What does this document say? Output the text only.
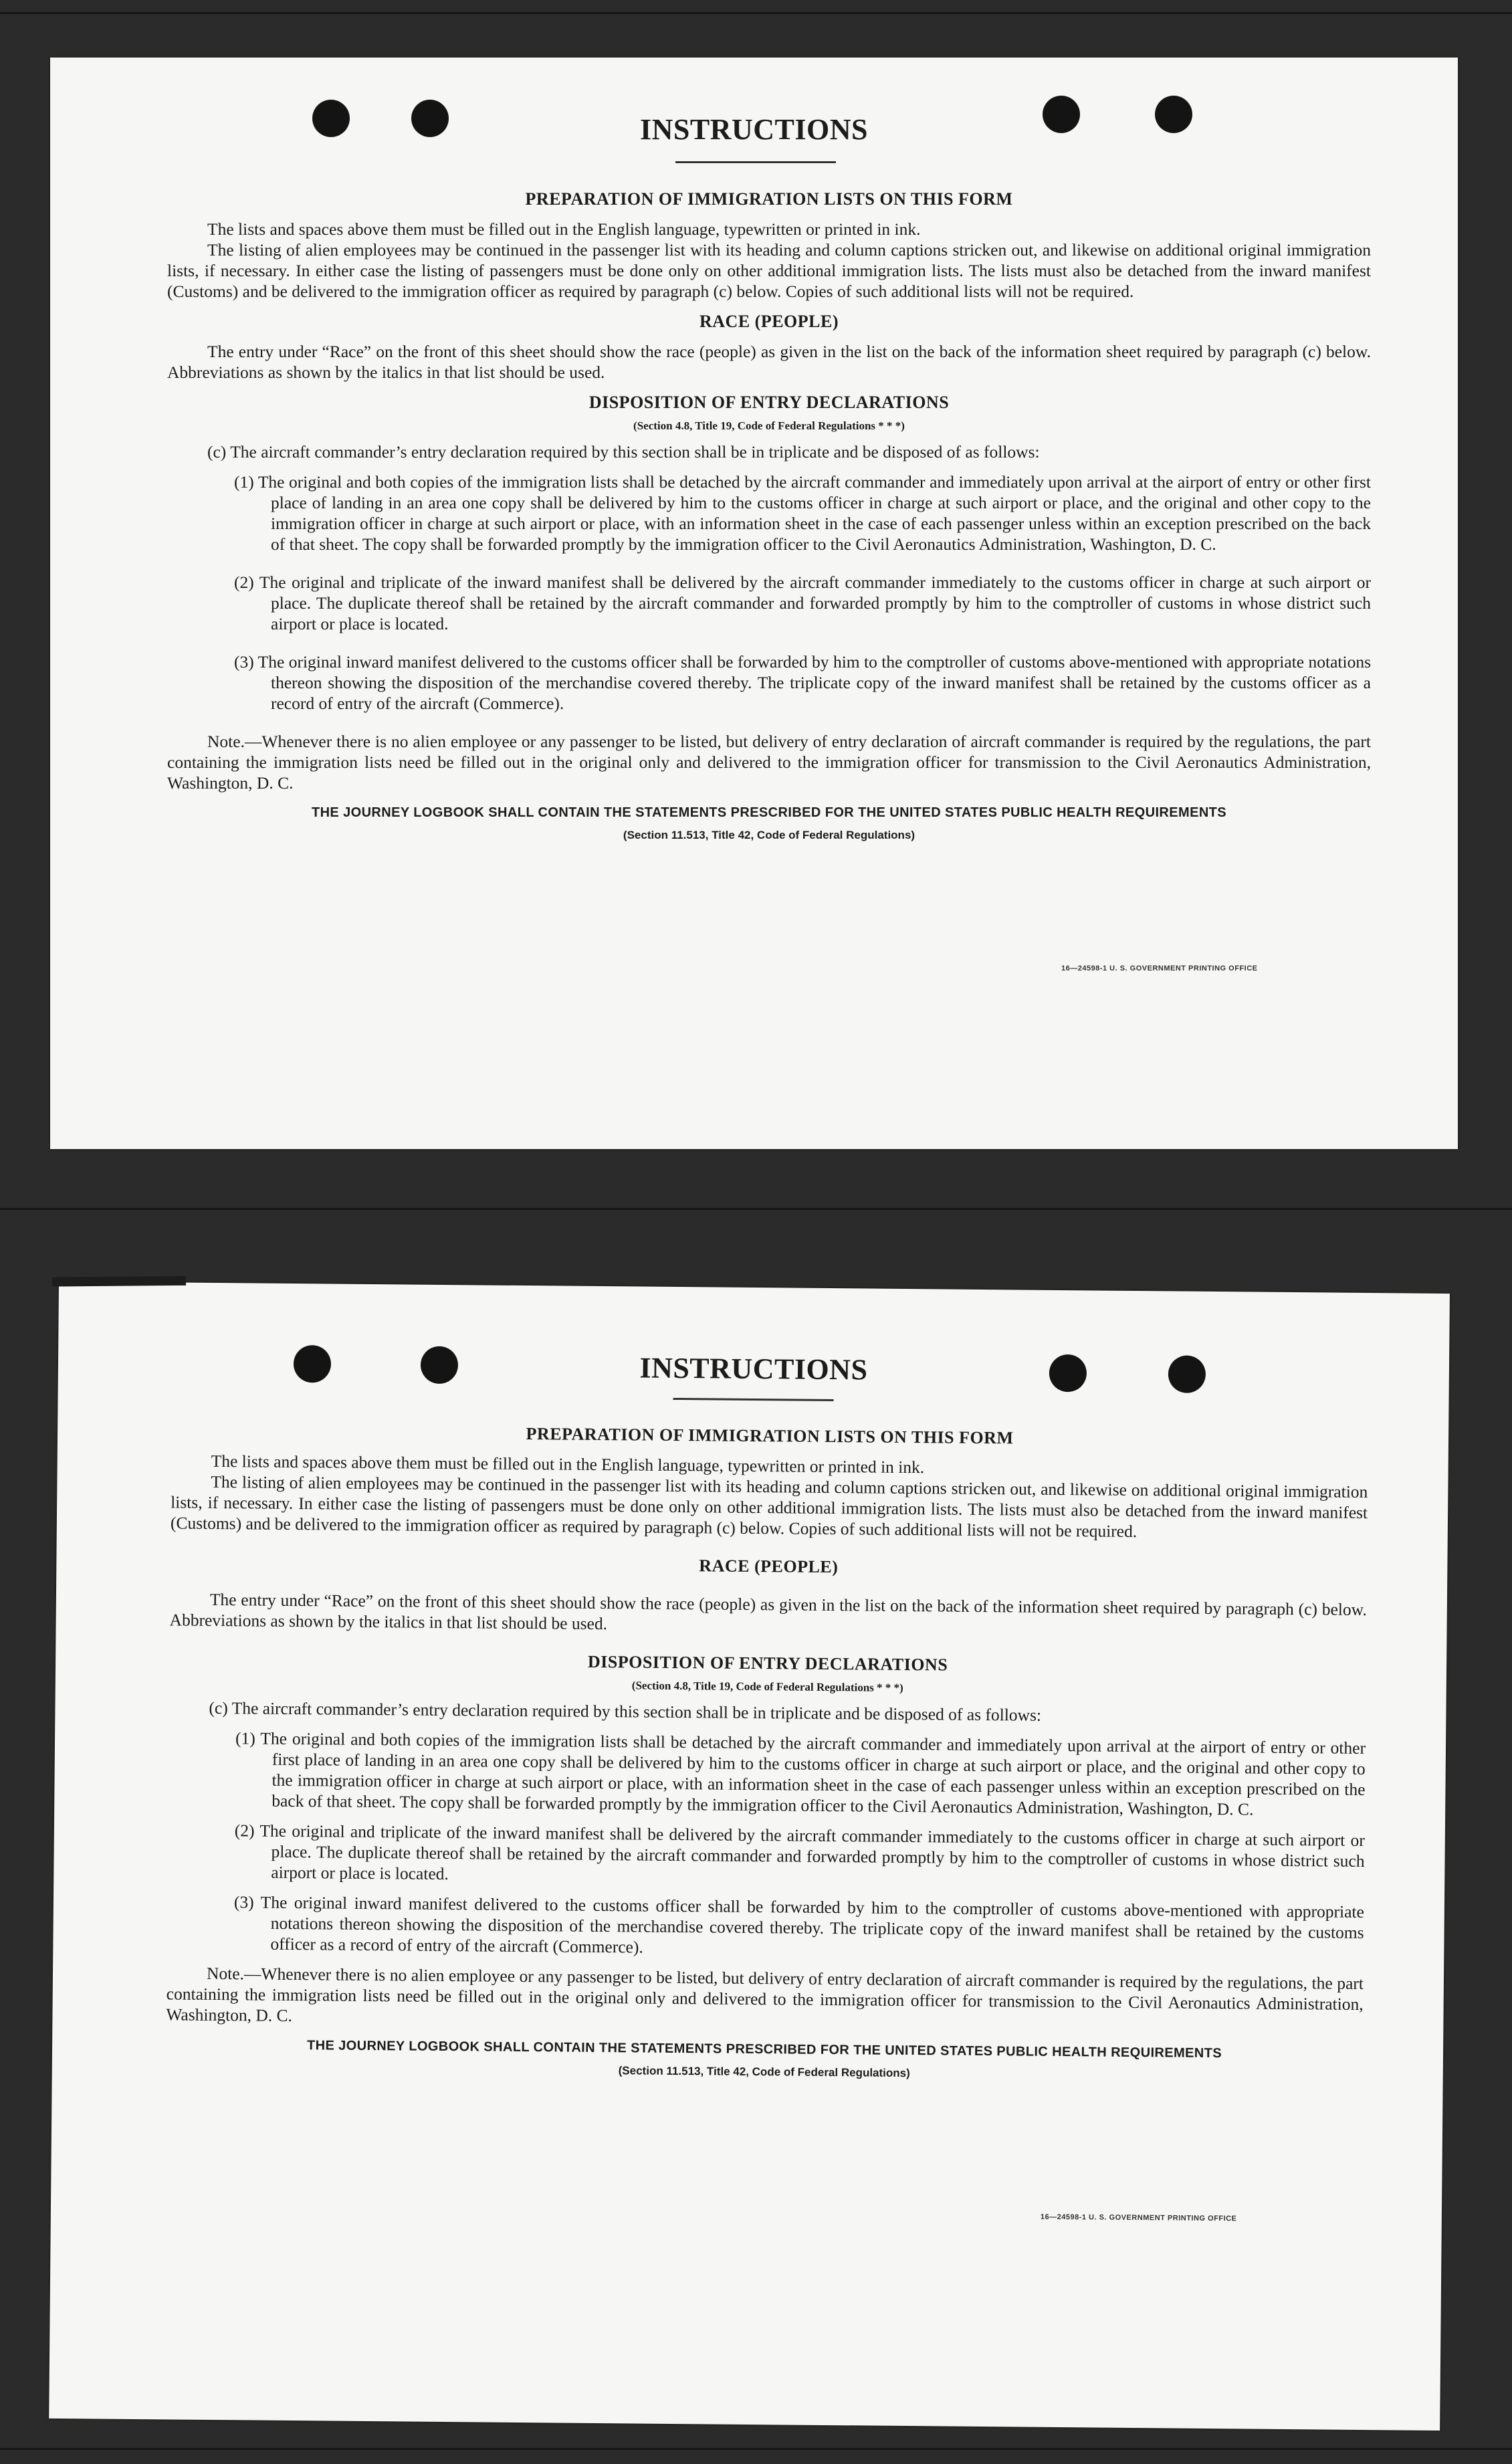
INSTRUCTIONS

PREPARATION OF IMMIGRATION LISTS ON THIS FORM

The lists and spaces above them must be filled out in the English language, typewritten or printed in ink.

The listing of alien employees may be continued in the passenger list with its heading and column captions stricken out, and likewise on additional original immigration lists, if necessary. In either case the listing of passengers must be done only on other additional immigration lists. The lists must also be detached from the inward manifest (Customs) and be delivered to the immigration officer as required by paragraph (c) below. Copies of such additional lists will not be required.

RACE (PEOPLE)

The entry under “Race” on the front of this sheet should show the race (people) as given in the list on the back of the information sheet required by paragraph (c) below. Abbreviations as shown by the italics in that list should be used.

DISPOSITION OF ENTRY DECLARATIONS

(Section 4.8, Title 19, Code of Federal Regulations * * *)

(c) The aircraft commander’s entry declaration required by this section shall be in triplicate and be disposed of as follows:

(1) The original and both copies of the immigration lists shall be detached by the aircraft commander and immediately upon arrival at the airport of entry or other first place of landing in an area one copy shall be delivered by him to the customs officer in charge at such airport or place, and the original and other copy to the immigration officer in charge at such airport or place, with an information sheet in the case of each passenger unless within an exception prescribed on the back of that sheet. The copy shall be forwarded promptly by the immigration officer to the Civil Aeronautics Administration, Washington, D. C.

(2) The original and triplicate of the inward manifest shall be delivered by the aircraft commander immediately to the customs officer in charge at such airport or place. The duplicate thereof shall be retained by the aircraft commander and forwarded promptly by him to the comptroller of customs in whose district such airport or place is located.

(3) The original inward manifest delivered to the customs officer shall be forwarded by him to the comptroller of customs above-mentioned with appropriate notations thereon showing the disposition of the merchandise covered thereby. The triplicate copy of the inward manifest shall be retained by the customs officer as a record of entry of the aircraft (Commerce).

Note.—Whenever there is no alien employee or any passenger to be listed, but delivery of entry declaration of aircraft commander is required by the regulations, the part containing the immigration lists need be filled out in the original only and delivered to the immigration officer for transmission to the Civil Aeronautics Administration, Washington, D. C.

THE JOURNEY LOGBOOK SHALL CONTAIN THE STATEMENTS PRESCRIBED FOR THE UNITED STATES PUBLIC HEALTH REQUIREMENTS

(Section 11.513, Title 42, Code of Federal Regulations)

16—24598-1 U. S. GOVERNMENT PRINTING OFFICE
INSTRUCTIONS

PREPARATION OF IMMIGRATION LISTS ON THIS FORM

The lists and spaces above them must be filled out in the English language, typewritten or printed in ink.

The listing of alien employees may be continued in the passenger list with its heading and column captions stricken out, and likewise on additional original immigration lists, if necessary. In either case the listing of passengers must be done only on other additional immigration lists. The lists must also be detached from the inward manifest (Customs) and be delivered to the immigration officer as required by paragraph (c) below. Copies of such additional lists will not be required.

RACE (PEOPLE)

The entry under “Race” on the front of this sheet should show the race (people) as given in the list on the back of the information sheet required by paragraph (c) below. Abbreviations as shown by the italics in that list should be used.

DISPOSITION OF ENTRY DECLARATIONS

(Section 4.8, Title 19, Code of Federal Regulations * * *)

(c) The aircraft commander’s entry declaration required by this section shall be in triplicate and be disposed of as follows:

(1) The original and both copies of the immigration lists shall be detached by the aircraft commander and immediately upon arrival at the airport of entry or other first place of landing in an area one copy shall be delivered by him to the customs officer in charge at such airport or place, and the original and other copy to the immigration officer in charge at such airport or place, with an information sheet in the case of each passenger unless within an exception prescribed on the back of that sheet. The copy shall be forwarded promptly by the immigration officer to the Civil Aeronautics Administration, Washington, D. C.

(2) The original and triplicate of the inward manifest shall be delivered by the aircraft commander immediately to the customs officer in charge at such airport or place. The duplicate thereof shall be retained by the aircraft commander and forwarded promptly by him to the comptroller of customs in whose district such airport or place is located.

(3) The original inward manifest delivered to the customs officer shall be forwarded by him to the comptroller of customs above-mentioned with appropriate notations thereon showing the disposition of the merchandise covered thereby. The triplicate copy of the inward manifest shall be retained by the customs officer as a record of entry of the aircraft (Commerce).

Note.—Whenever there is no alien employee or any passenger to be listed, but delivery of entry declaration of aircraft commander is required by the regulations, the part containing the immigration lists need be filled out in the original only and delivered to the immigration officer for transmission to the Civil Aeronautics Administration, Washington, D. C.

THE JOURNEY LOGBOOK SHALL CONTAIN THE STATEMENTS PRESCRIBED FOR THE UNITED STATES PUBLIC HEALTH REQUIREMENTS

(Section 11.513, Title 42, Code of Federal Regulations)

16—24598-1 U. S. GOVERNMENT PRINTING OFFICE
